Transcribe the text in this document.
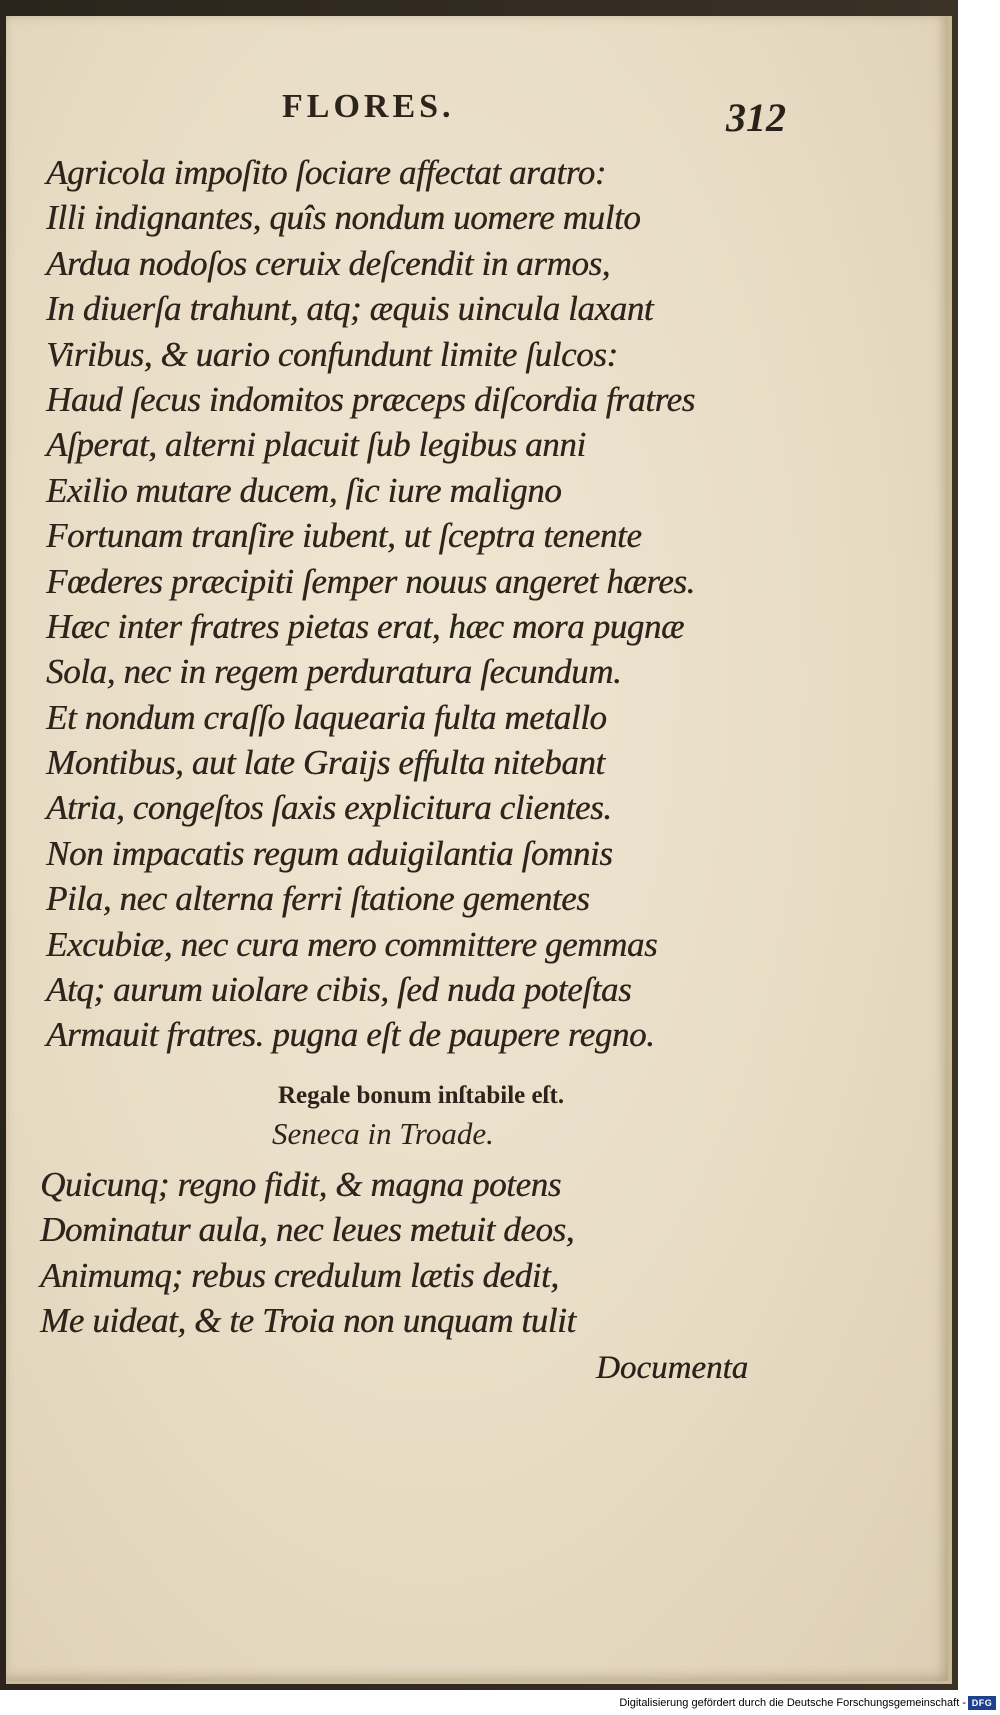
FLORES.	312
Agricola impoſito ſociare affectat aratro:
Illi indignantes, quîs nondum uomere multo
Ardua nodoſos ceruix deſcendit in armos,
In diuerſa trahunt, atq; æquis uincula laxant
Viribus, & uario confundunt limite ſulcos:
Haud ſecus indomitos præceps diſcordia fratres
Aſperat, alterni placuit ſub legibus anni
Exilio mutare ducem, ſic iure maligno
Fortunam tranſire iubent, ut ſceptra tenente
Fœderes præcipiti ſemper nouus angeret hæres.
Hæc inter fratres pietas erat, hæc mora pugnæ
Sola, nec in regem perduratura ſecundum.
Et nondum craſſo laquearia fulta metallo
Montibus, aut late Graijs effulta nitebant
Atria, congeſtos ſaxis explicitura clientes.
Non impacatis regum aduigilantia ſomnis
Pila, nec alterna ferri ſtatione gementes
Excubiæ, nec cura mero committere gemmas
Atq; aurum uiolare cibis, ſed nuda poteſtas
Armauit fratres. pugna eſt de paupere regno.
Regale bonum inſtabile eſt.
Seneca in Troade.
Quicunq; regno fidit, & magna potens
Dominatur aula, nec leues metuit deos,
Animumq; rebus credulum lætis dedit,
Me uideat, & te Troia non unquam tulit
Documenta
Digitalisierung gefördert durch die Deutsche Forschungsgemeinschaft - DFG
